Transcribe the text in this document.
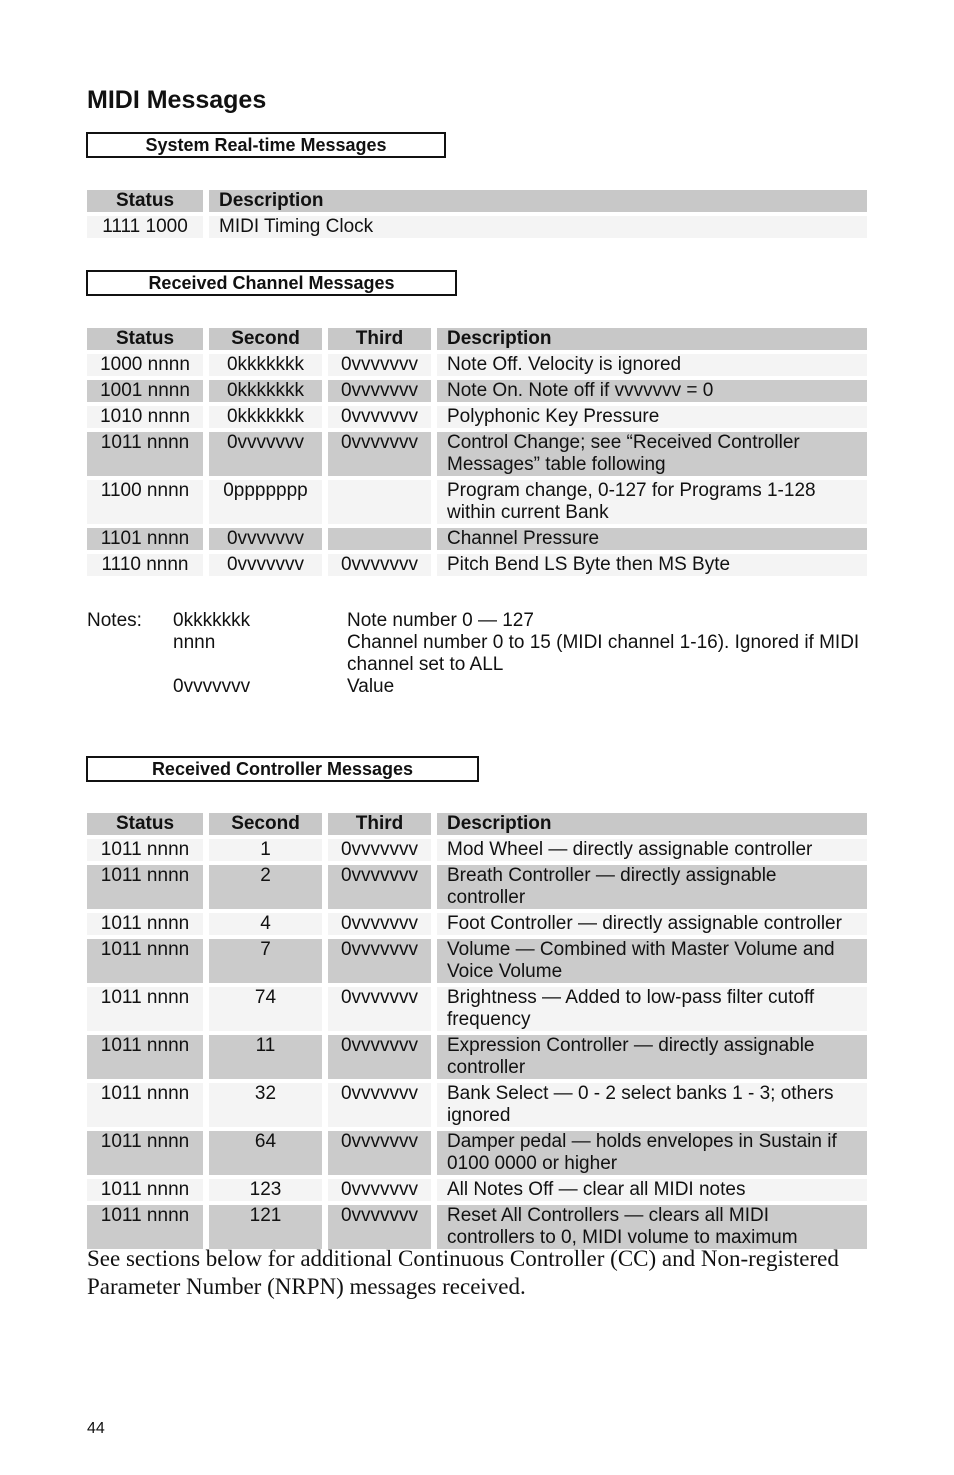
MIDI Messages
System Real-time Messages
Status	Description
1111 1000	MIDI Timing Clock
Received Channel Messages
Status	Second	Third	Description
1000 nnnn	0kkkkkkk	0vvvvvvv	Note Off. Velocity is ignored
1001 nnnn	0kkkkkkk	0vvvvvvv	Note On. Note off if vvvvvvv = 0
1010 nnnn	0kkkkkkk	0vvvvvvv	Polyphonic Key Pressure
1011 nnnn	0vvvvvvv	0vvvvvvv	Control Change; see “Received Controller Messages” table following
1100 nnnn	0ppppppp		Program change, 0-127 for Programs 1-128 within current Bank
1101 nnnn	0vvvvvvv		Channel Pressure
1110 nnnn	0vvvvvvv	0vvvvvvv	Pitch Bend LS Byte then MS Byte
Notes: 0kkkkkkk	Note number 0 — 127
nnnn	Channel number 0 to 15 (MIDI channel 1-16). Ignored if MIDI channel set to ALL
0vvvvvvv	Value
Received Controller Messages
Status	Second	Third	Description
1011 nnnn	1	0vvvvvvv	Mod Wheel — directly assignable controller
1011 nnnn	2	0vvvvvvv	Breath Controller — directly assignable controller
1011 nnnn	4	0vvvvvvv	Foot Controller — directly assignable controller
1011 nnnn	7	0vvvvvvv	Volume — Combined with Master Volume and Voice Volume
1011 nnnn	74	0vvvvvvv	Brightness — Added to low-pass filter cutoff frequency
1011 nnnn	11	0vvvvvvv	Expression Controller — directly assignable controller
1011 nnnn	32	0vvvvvvv	Bank Select — 0 - 2 select banks 1 - 3; others ignored
1011 nnnn	64	0vvvvvvv	Damper pedal — holds envelopes in Sustain if 0100 0000 or higher
1011 nnnn	123	0vvvvvvv	All Notes Off — clear all MIDI notes
1011 nnnn	121	0vvvvvvv	Reset All Controllers — clears all MIDI controllers to 0, MIDI volume to maximum
See sections below for additional Continuous Controller (CC) and Non-registered Parameter Number (NRPN) messages received.
44
